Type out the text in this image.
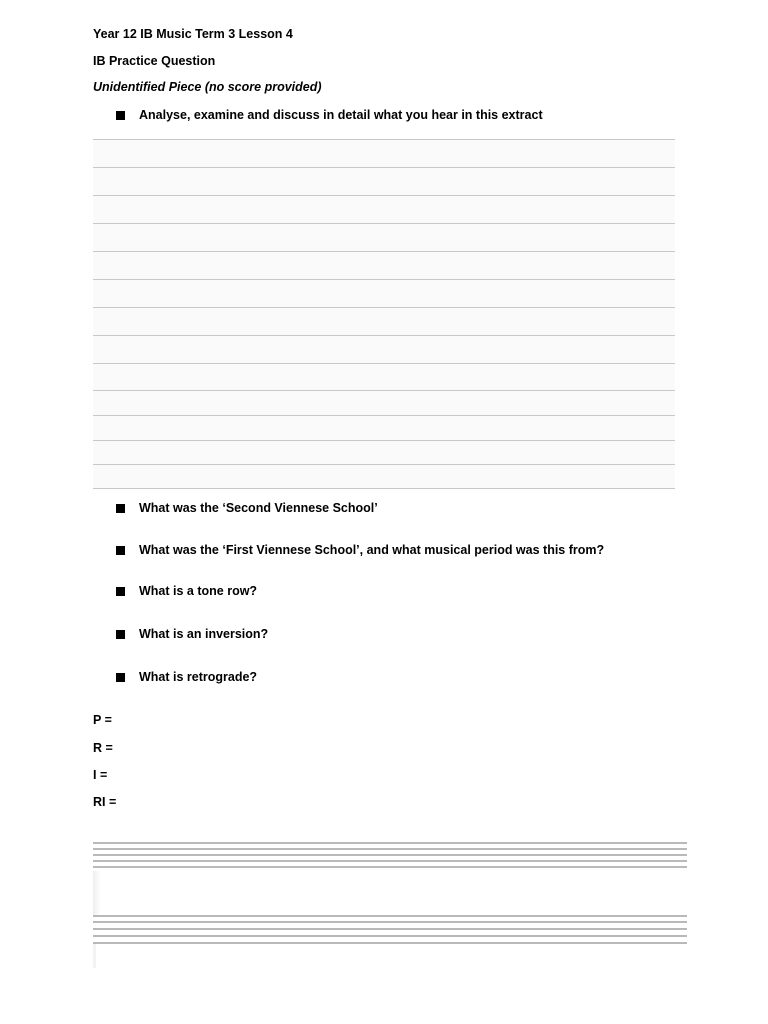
Year 12 IB Music Term 3 Lesson 4
IB Practice Question
Unidentified Piece (no score provided)
Analyse, examine and discuss in detail what you hear in this extract
What was the ‘Second Viennese School’
What was the ‘First Viennese School’, and what musical period was this from?
What is a tone row?
What is an inversion?
What is retrograde?
P =
R =
I =
RI =
